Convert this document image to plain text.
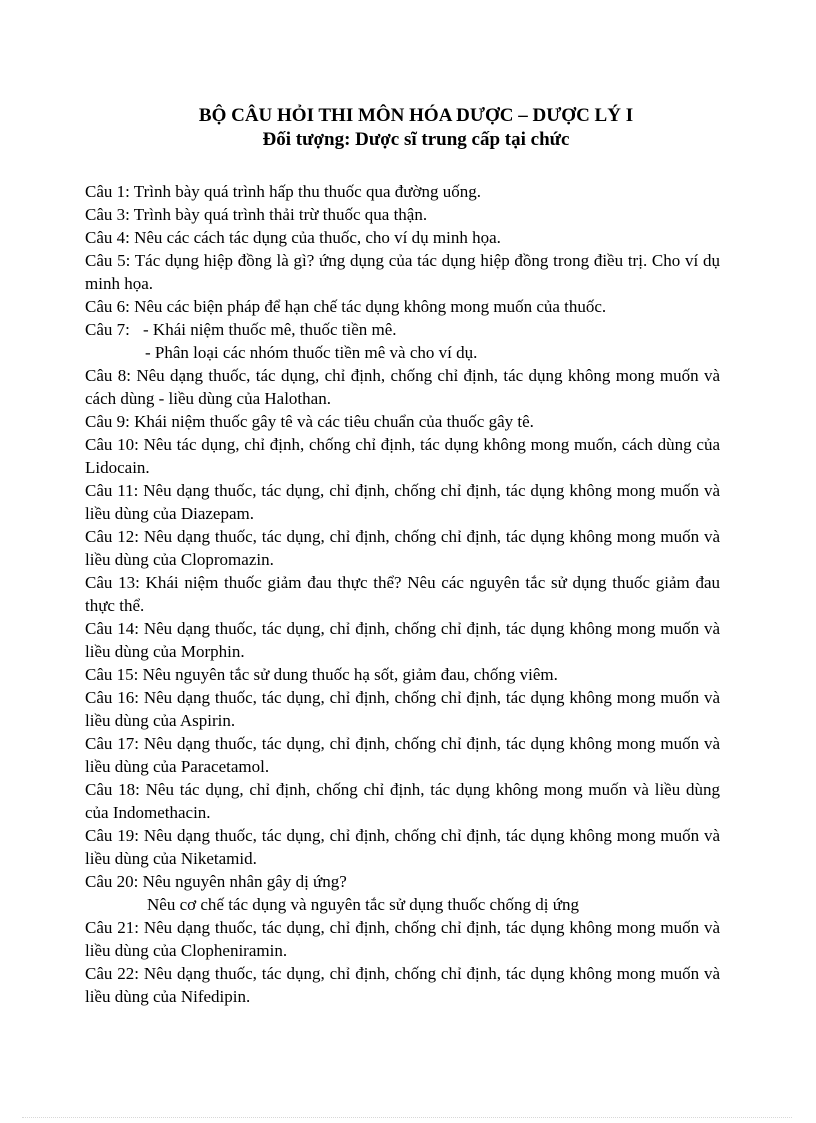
BỘ CÂU HỎI THI MÔN HÓA DƯỢC – DƯỢC LÝ I

Đối tượng: Dược sĩ trung cấp tại chức

Câu 1: Trình bày quá trình hấp thu thuốc qua đường uống.

Câu 3: Trình bày quá trình thải trừ thuốc qua thận.

Câu 4: Nêu các cách tác dụng của thuốc, cho ví dụ minh họa.

Câu 5: Tác dụng hiệp đồng là gì? ứng dụng của tác dụng hiệp đồng trong điều trị. Cho ví dụ minh họa.

Câu 6: Nêu các biện pháp để hạn chế tác dụng không mong muốn của thuốc.

Câu 7: - Khái niệm thuốc mê, thuốc tiền mê.

- Phân loại các nhóm thuốc tiền mê và cho ví dụ.

Câu 8: Nêu dạng thuốc, tác dụng, chỉ định, chống chỉ định, tác dụng không mong muốn và cách dùng - liều dùng của Halothan.

Câu 9: Khái niệm thuốc gây tê và các tiêu chuẩn của thuốc gây tê.

Câu 10: Nêu tác dụng, chỉ định, chống chỉ định, tác dụng không mong muốn, cách dùng của Lidocain.

Câu 11: Nêu dạng thuốc, tác dụng, chỉ định, chống chỉ định, tác dụng không mong muốn và liều dùng của Diazepam.

Câu 12: Nêu dạng thuốc, tác dụng, chỉ định, chống chỉ định, tác dụng không mong muốn và liều dùng của Clopromazin.

Câu 13: Khái niệm thuốc giảm đau thực thể? Nêu các nguyên tắc sử dụng thuốc giảm đau thực thể.

Câu 14: Nêu dạng thuốc, tác dụng, chỉ định, chống chỉ định, tác dụng không mong muốn và liều dùng của Morphin.

Câu 15: Nêu nguyên tắc sử dung thuốc hạ sốt, giảm đau, chống viêm.

Câu 16: Nêu dạng thuốc, tác dụng, chỉ định, chống chỉ định, tác dụng không mong muốn và liều dùng của Aspirin.

Câu 17: Nêu dạng thuốc, tác dụng, chỉ định, chống chỉ định, tác dụng không mong muốn và liều dùng của Paracetamol.

Câu 18: Nêu tác dụng, chỉ định, chống chỉ định, tác dụng không mong muốn và liều dùng của Indomethacin.

Câu 19: Nêu dạng thuốc, tác dụng, chỉ định, chống chỉ định, tác dụng không mong muốn và liều dùng của Niketamid.

Câu 20: Nêu nguyên nhân gây dị ứng?

Nêu cơ chế tác dụng và nguyên tắc sử dụng thuốc chống dị ứng

Câu 21: Nêu dạng thuốc, tác dụng, chỉ định, chống chỉ định, tác dụng không mong muốn và liều dùng của Clopheniramin.

Câu 22: Nêu dạng thuốc, tác dụng, chỉ định, chống chỉ định, tác dụng không mong muốn và liều dùng của Nifedipin.
